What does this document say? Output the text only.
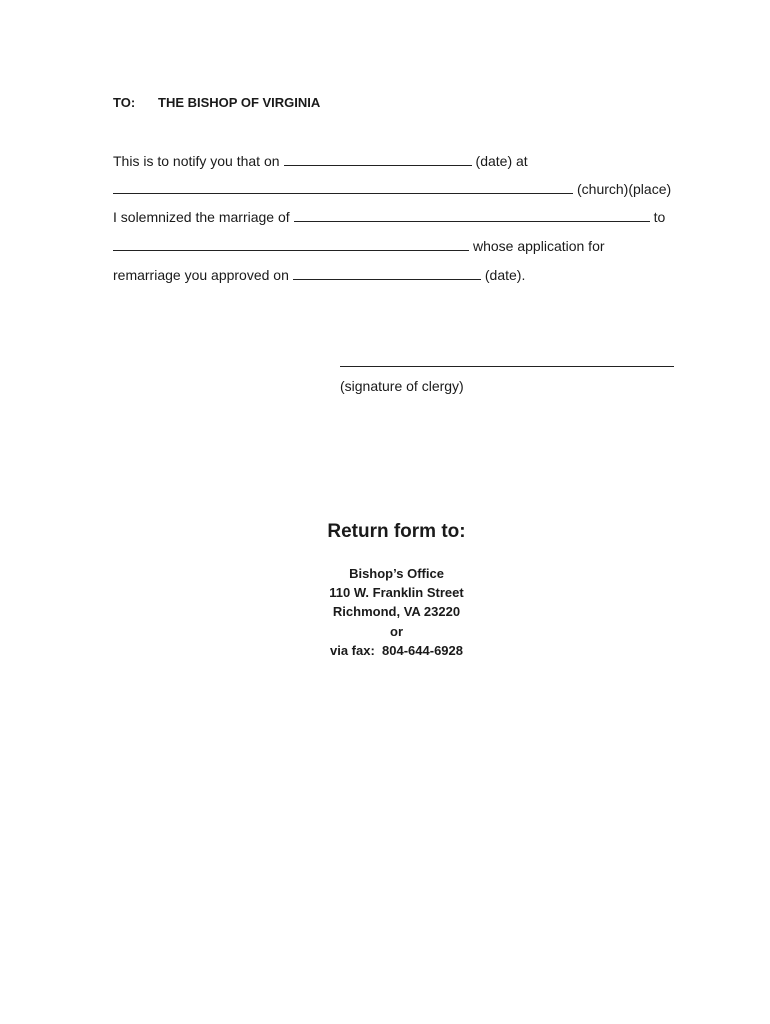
TO:	THE BISHOP OF VIRGINIA
This is to notify you that on	(date) at
(church)(place)
I solemnized the marriage of	to
whose application for
remarriage you approved on	(date).
(signature of clergy)
Return form to:
Bishop’s Office
110 W. Franklin Street
Richmond, VA 23220
or
via fax:  804-644-6928
